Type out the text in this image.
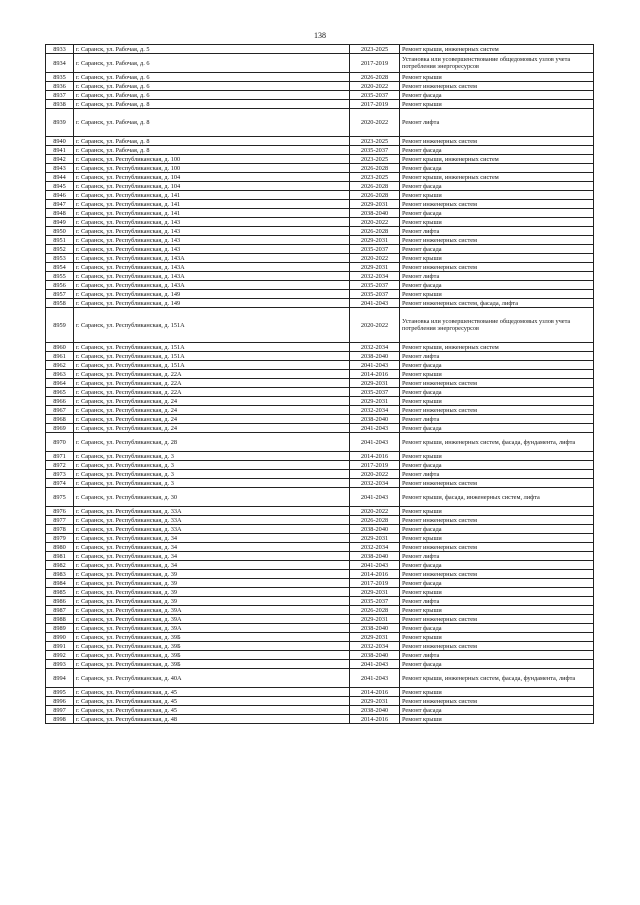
138
8933	г. Саранск, ул. Рабочая, д. 5	2023-2025	Ремонт крыши, инженерных систем
8934	г. Саранск, ул. Рабочая, д. 6	2017-2019	Установка или усовершенствование общедомовых узлов учета потребления энергоресурсов
8935	г. Саранск, ул. Рабочая, д. 6	2026-2028	Ремонт крыши
8936	г. Саранск, ул. Рабочая, д. 6	2020-2022	Ремонт инженерных систем
8937	г. Саранск, ул. Рабочая, д. 6	2035-2037	Ремонт фасада
8938	г. Саранск, ул. Рабочая, д. 8	2017-2019	Ремонт крыши
8939	г. Саранск, ул. Рабочая, д. 8	2020-2022	Ремонт лифта
8940	г. Саранск, ул. Рабочая, д. 8	2023-2025	Ремонт инженерных систем
8941	г. Саранск, ул. Рабочая, д. 8	2035-2037	Ремонт фасада
8942	г. Саранск, ул. Республиканская, д. 100	2023-2025	Ремонт крыши, инженерных систем
8943	г. Саранск, ул. Республиканская, д. 100	2026-2028	Ремонт фасада
8944	г. Саранск, ул. Республиканская, д. 104	2023-2025	Ремонт крыши, инженерных систем
8945	г. Саранск, ул. Республиканская, д. 104	2026-2028	Ремонт фасада
8946	г. Саранск, ул. Республиканская, д. 141	2026-2028	Ремонт крыши
8947	г. Саранск, ул. Республиканская, д. 141	2029-2031	Ремонт инженерных систем
8948	г. Саранск, ул. Республиканская, д. 141	2038-2040	Ремонт фасада
8949	г. Саранск, ул. Республиканская, д. 143	2020-2022	Ремонт крыши
8950	г. Саранск, ул. Республиканская, д. 143	2026-2028	Ремонт лифта
8951	г. Саранск, ул. Республиканская, д. 143	2029-2031	Ремонт инженерных систем
8952	г. Саранск, ул. Республиканская, д. 143	2035-2037	Ремонт фасада
8953	г. Саранск, ул. Республиканская, д. 143А	2020-2022	Ремонт крыши
8954	г. Саранск, ул. Республиканская, д. 143А	2029-2031	Ремонт инженерных систем
8955	г. Саранск, ул. Республиканская, д. 143А	2032-2034	Ремонт лифта
8956	г. Саранск, ул. Республиканская, д. 143А	2035-2037	Ремонт фасада
8957	г. Саранск, ул. Республиканская, д. 149	2035-2037	Ремонт крыши
8958	г. Саранск, ул. Республиканская, д. 149	2041-2043	Ремонт инженерных систем, фасада, лифта
8959	г. Саранск, ул. Республиканская, д. 151А	2020-2022	Установка или усовершенствование общедомовых узлов учета потребления энергоресурсов
8960	г. Саранск, ул. Республиканская, д. 151А	2032-2034	Ремонт крыши, инженерных систем
8961	г. Саранск, ул. Республиканская, д. 151А	2038-2040	Ремонт лифта
8962	г. Саранск, ул. Республиканская, д. 151А	2041-2043	Ремонт фасада
8963	г. Саранск, ул. Республиканская, д. 22А	2014-2016	Ремонт крыши
8964	г. Саранск, ул. Республиканская, д. 22А	2029-2031	Ремонт инженерных систем
8965	г. Саранск, ул. Республиканская, д. 22А	2035-2037	Ремонт фасада
8966	г. Саранск, ул. Республиканская, д. 24	2029-2031	Ремонт крыши
8967	г. Саранск, ул. Республиканская, д. 24	2032-2034	Ремонт инженерных систем
8968	г. Саранск, ул. Республиканская, д. 24	2038-2040	Ремонт лифта
8969	г. Саранск, ул. Республиканская, д. 24	2041-2043	Ремонт фасада
8970	г. Саранск, ул. Республиканская, д. 28	2041-2043	Ремонт крыши, инженерных систем, фасада, фундамента, лифта
8971	г. Саранск, ул. Республиканская, д. 3	2014-2016	Ремонт крыши
8972	г. Саранск, ул. Республиканская, д. 3	2017-2019	Ремонт фасада
8973	г. Саранск, ул. Республиканская, д. 3	2020-2022	Ремонт лифта
8974	г. Саранск, ул. Республиканская, д. 3	2032-2034	Ремонт инженерных систем
8975	г. Саранск, ул. Республиканская, д. 30	2041-2043	Ремонт крыши, фасада, инженерных систем, лифта
8976	г. Саранск, ул. Республиканская, д. 33А	2020-2022	Ремонт крыши
8977	г. Саранск, ул. Республиканская, д. 33А	2026-2028	Ремонт инженерных систем
8978	г. Саранск, ул. Республиканская, д. 33А	2038-2040	Ремонт фасада
8979	г. Саранск, ул. Республиканская, д. 34	2029-2031	Ремонт крыши
8980	г. Саранск, ул. Республиканская, д. 34	2032-2034	Ремонт инженерных систем
8981	г. Саранск, ул. Республиканская, д. 34	2038-2040	Ремонт лифта
8982	г. Саранск, ул. Республиканская, д. 34	2041-2043	Ремонт фасада
8983	г. Саранск, ул. Республиканская, д. 39	2014-2016	Ремонт инженерных систем
8984	г. Саранск, ул. Республиканская, д. 39	2017-2019	Ремонт фасада
8985	г. Саранск, ул. Республиканская, д. 39	2029-2031	Ремонт крыши
8986	г. Саранск, ул. Республиканская, д. 39	2035-2037	Ремонт лифта
8987	г. Саранск, ул. Республиканская, д. 39А	2026-2028	Ремонт крыши
8988	г. Саранск, ул. Республиканская, д. 39А	2029-2031	Ремонт инженерных систем
8989	г. Саранск, ул. Республиканская, д. 39А	2038-2040	Ремонт фасада
8990	г. Саранск, ул. Республиканская, д. 39Б	2029-2031	Ремонт крыши
8991	г. Саранск, ул. Республиканская, д. 39Б	2032-2034	Ремонт инженерных систем
8992	г. Саранск, ул. Республиканская, д. 39Б	2038-2040	Ремонт лифта
8993	г. Саранск, ул. Республиканская, д. 39Б	2041-2043	Ремонт фасада
8994	г. Саранск, ул. Республиканская, д. 40А	2041-2043	Ремонт крыши, инженерных систем, фасада, фундамента, лифта
8995	г. Саранск, ул. Республиканская, д. 45	2014-2016	Ремонт крыши
8996	г. Саранск, ул. Республиканская, д. 45	2029-2031	Ремонт инженерных систем
8997	г. Саранск, ул. Республиканская, д. 45	2038-2040	Ремонт фасада
8998	г. Саранск, ул. Республиканская, д. 48	2014-2016	Ремонт крыши
